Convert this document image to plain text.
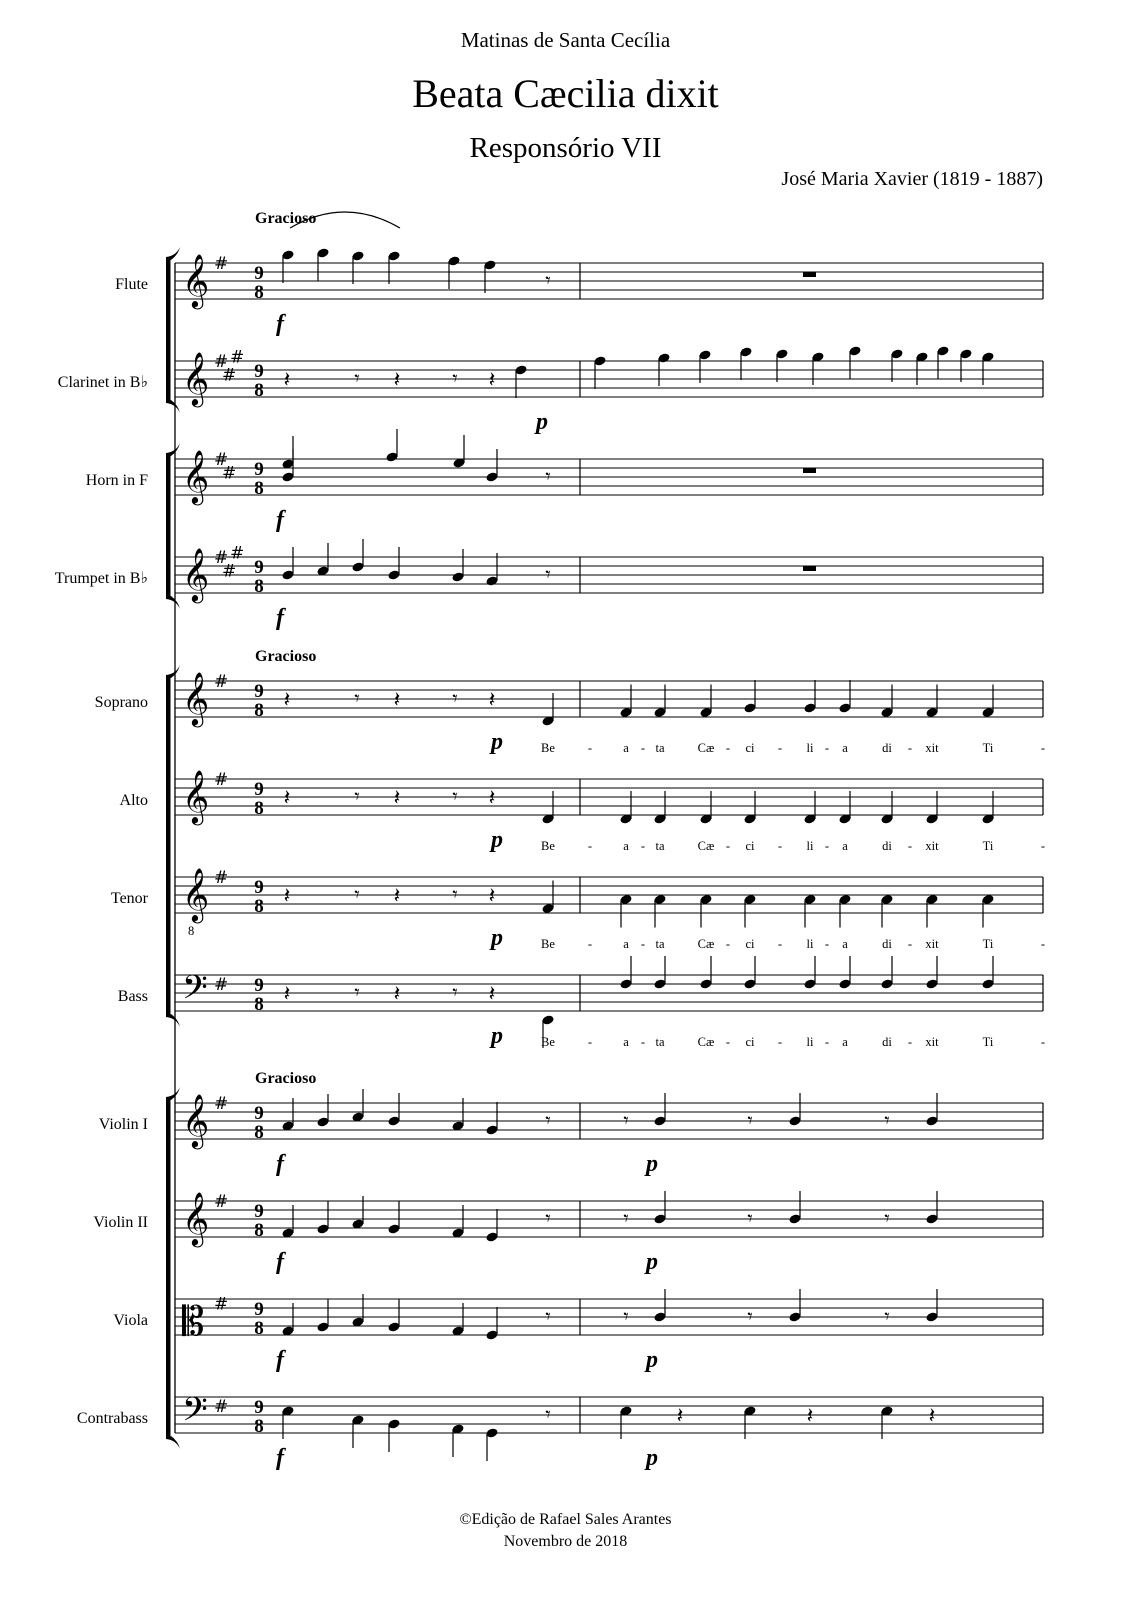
Matinas de Santa Cecília
Beata Cæcilia dixit
Responsório VII
José Maria Xavier (1819 - 1887)
Flute 𝄞 # 9
8
f
Clarinet in B♭ 𝄞 #
#
#
9
8
p
Horn in F 𝄞 #
# 9
8
f
Trumpet in B♭ 𝄞 #
#
#
9
8
f
Soprano 𝄞 # 9
8
p
Alto 𝄞 # 9
8
p
Tenor 𝄞
8
# 9
8
p
Bass 𝄢 # 9
8
p
Violin I 𝄞 # 9
8
f	p
Violin II 𝄞 # 9
8
f	p
Viola 𝄡 # 9
8
f	p
Contrabass 𝄢 # 9
8
f	p
Gracioso
Gracioso
Gracioso
𝄽	𝄾 𝄽	𝄾 𝄽
𝄽	𝄾 𝄽	𝄾 𝄽
𝄽	𝄾 𝄽	𝄾 𝄽
𝄽	𝄾 𝄽	𝄾 𝄽
𝄽	𝄾 𝄽	𝄾 𝄽
Be	- a - ta	Cæ - ci - li - a	di - xit	Ti	-
Be	- a - ta	Cæ - ci - li - a	di - xit	Ti	-
Be	- a - ta	Cæ - ci - li - a	di - xit	Ti	-
Be	- a - ta	Cæ - ci - li - a	di - xit	Ti	-
𝄾
𝄾
𝄾
𝄾
𝄾
𝄾
𝄾
𝄾	𝄾	𝄾
𝄾	𝄾	𝄾
𝄾	𝄾	𝄾
𝄽	𝄽	𝄽
©Edição de Rafael Sales Arantes
Novembro de 2018
